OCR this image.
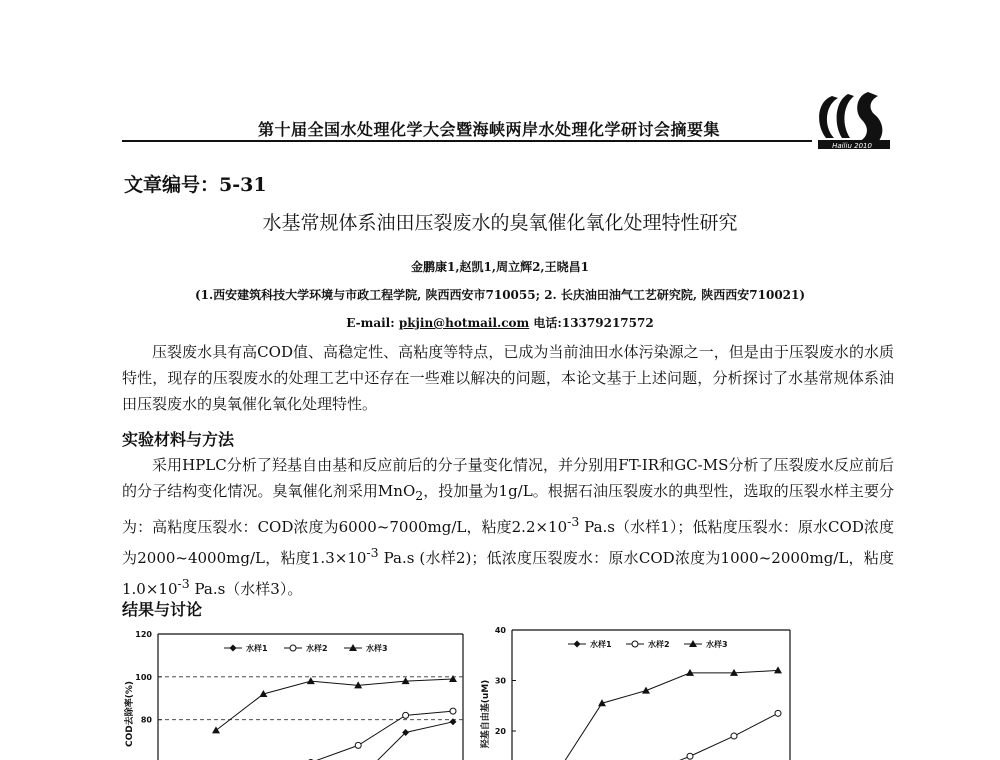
第十届全国水处理化学大会暨海峡两岸水处理化学研讨会摘要集
Hailiu 2010
文章编号：5-31
水基常规体系油田压裂废水的臭氧催化氧化处理特性研究
金鹏康1,赵凯1,周立辉2,王晓昌1
(1.西安建筑科技大学环境与市政工程学院, 陕西西安市710055; 2. 长庆油田油气工艺研究院, 陕西西安710021)
E-mail: pkjin@hotmail.com 电话:13379217572
压裂废水具有高COD值、高稳定性、高粘度等特点，已成为当前油田水体污染源之一，但是由于压裂废水的水质特性，现存的压裂废水的处理工艺中还存在一些难以解决的问题，本论文基于上述问题，分析探讨了水基常规体系油田压裂废水的臭氧催化氧化处理特性。
实验材料与方法
采用HPLC分析了羟基自由基和反应前后的分子量变化情况，并分别用FT-IR和GC-MS分析了压裂废水反应前后的分子结构变化情况。臭氧催化剂采用MnO$_2$，投加量为1g/L。根据石油压裂废水的典型性，选取的压裂水样主要分为：高粘度压裂水：COD浓度为6000~7000mg/L，粘度$2.2\times 10^{-3}$ Pa.s（水样1）；低粘度压裂水：原水COD浓度为2000~4000mg/L，粘度$1.3\times 10^{-3}$ Pa.s (水样2)；低浓度压裂废水：原水COD浓度为1000~2000mg/L，粘度$1.0\times 10^{-3}$ Pa.s（水样3）。
结果与讨论
120
100
80
COD去除率(%)
水样1	水样2	水样3
40
30
20
羟基自由基(uM)
水样1	水样2	水样3
